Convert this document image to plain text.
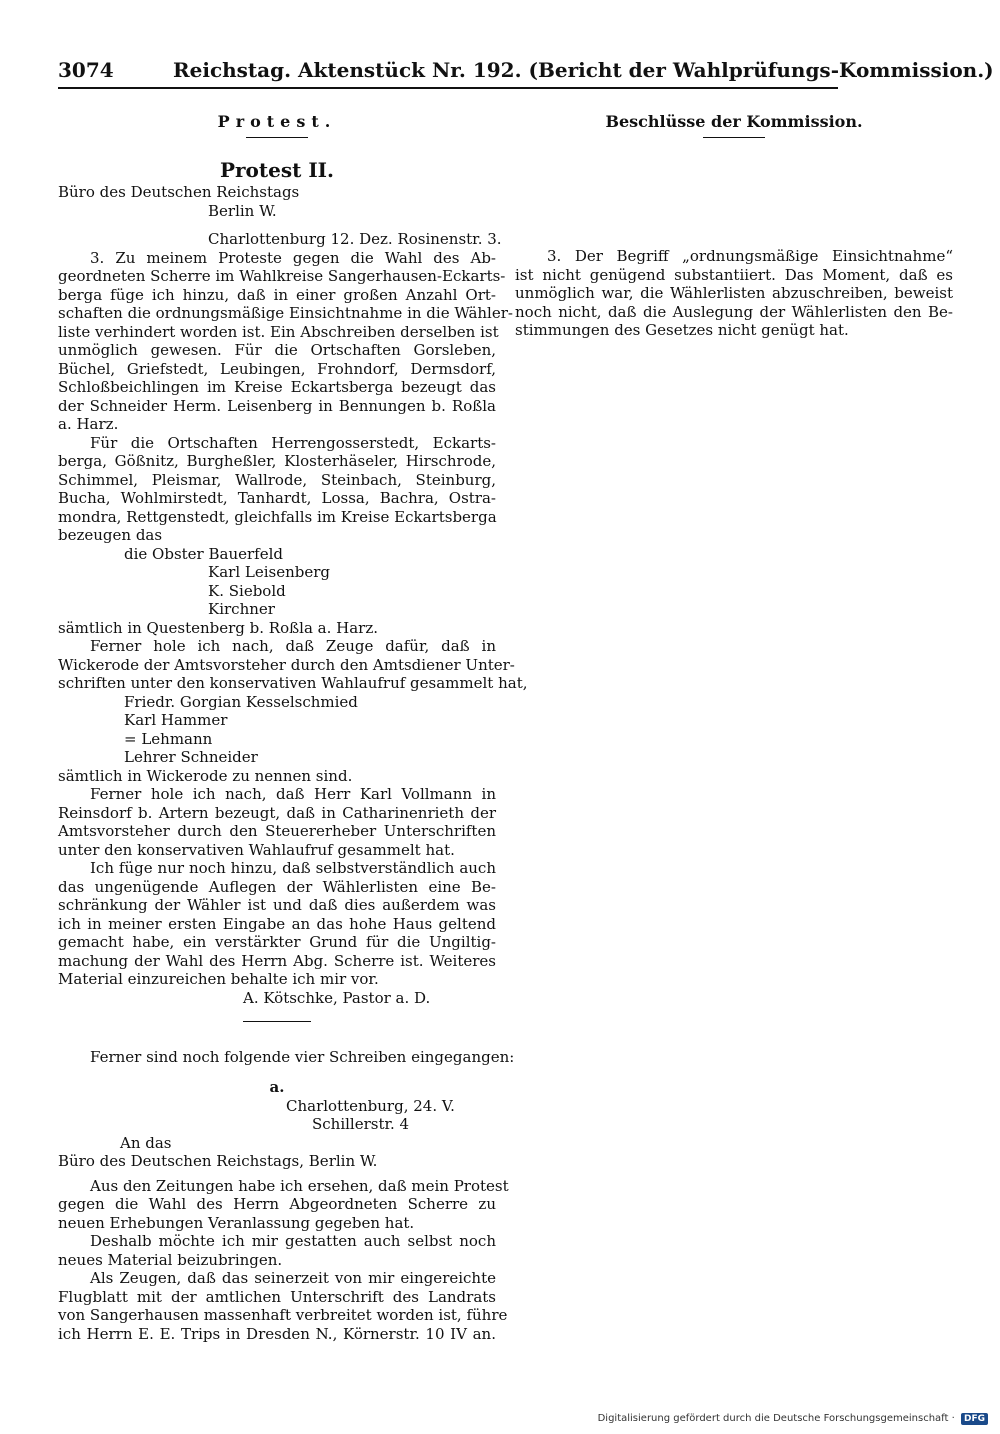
3074	Reichstag. Aktenstück Nr. 192. (Bericht der Wahlprüfungs-Kommission.)
Protest.
Protest II.
Büro des Deutschen Reichstags
Berlin W.
Charlottenburg 12. Dez. Rosinenstr. 3.
3. Zu meinem Proteste gegen die Wahl des Ab-
geordneten Scherre im Wahlkreise Sangerhausen-Eckarts-
berga füge ich hinzu, daß in einer großen Anzahl Ort-
schaften die ordnungsmäßige Einsichtnahme in die Wähler-
liste verhindert worden ist. Ein Abschreiben derselben ist
unmöglich gewesen. Für die Ortschaften Gorsleben,
Büchel, Griefstedt, Leubingen, Frohndorf, Dermsdorf,
Schloßbeichlingen im Kreise Eckartsberga bezeugt das
der Schneider Herm. Leisenberg in Bennungen b. Roßla
a. Harz.
Für die Ortschaften Herrengosserstedt, Eckarts-
berga, Gößnitz, Burgheßler, Klosterhäseler, Hirschrode,
Schimmel, Pleismar, Wallrode, Steinbach, Steinburg,
Bucha, Wohlmirstedt, Tanhardt, Lossa, Bachra, Ostra-
mondra, Rettgenstedt, gleichfalls im Kreise Eckartsberga
bezeugen das
die Obster Bauerfeld
Karl Leisenberg
K. Siebold
Kirchner
sämtlich in Questenberg b. Roßla a. Harz.
Ferner hole ich nach, daß Zeuge dafür, daß in
Wickerode der Amtsvorsteher durch den Amtsdiener Unter-
schriften unter den konservativen Wahlaufruf gesammelt hat,
Friedr. Gorgian Kesselschmied
Karl Hammer
= Lehmann
Lehrer Schneider
sämtlich in Wickerode zu nennen sind.
Ferner hole ich nach, daß Herr Karl Vollmann in
Reinsdorf b. Artern bezeugt, daß in Catharinenrieth der
Amtsvorsteher durch den Steuererheber Unterschriften
unter den konservativen Wahlaufruf gesammelt hat.
Ich füge nur noch hinzu, daß selbstverständlich auch
das ungenügende Auflegen der Wählerlisten eine Be-
schränkung der Wähler ist und daß dies außerdem was
ich in meiner ersten Eingabe an das hohe Haus geltend
gemacht habe, ein verstärkter Grund für die Ungiltig-
machung der Wahl des Herrn Abg. Scherre ist. Weiteres
Material einzureichen behalte ich mir vor.
A. Kötschke, Pastor a. D.
Ferner sind noch folgende vier Schreiben eingegangen:
a.
Charlottenburg, 24. V.
Schillerstr. 4
An das
Büro des Deutschen Reichstags, Berlin W.
Aus den Zeitungen habe ich ersehen, daß mein Protest
gegen die Wahl des Herrn Abgeordneten Scherre zu
neuen Erhebungen Veranlassung gegeben hat.
Deshalb möchte ich mir gestatten auch selbst noch
neues Material beizubringen.
Als Zeugen, daß das seinerzeit von mir eingereichte
Flugblatt mit der amtlichen Unterschrift des Landrats
von Sangerhausen massenhaft verbreitet worden ist, führe
ich Herrn E. E. Trips in Dresden N., Körnerstr. 10 IV an.
Beschlüsse der Kommission.
3. Der Begriff „ordnungsmäßige Einsichtnahme“
ist nicht genügend substantiiert. Das Moment, daß es
unmöglich war, die Wählerlisten abzuschreiben, beweist
noch nicht, daß die Auslegung der Wählerlisten den Be-
stimmungen des Gesetzes nicht genügt hat.
Digitalisierung gefördert durch die Deutsche Forschungsgemeinschaft · DFG
